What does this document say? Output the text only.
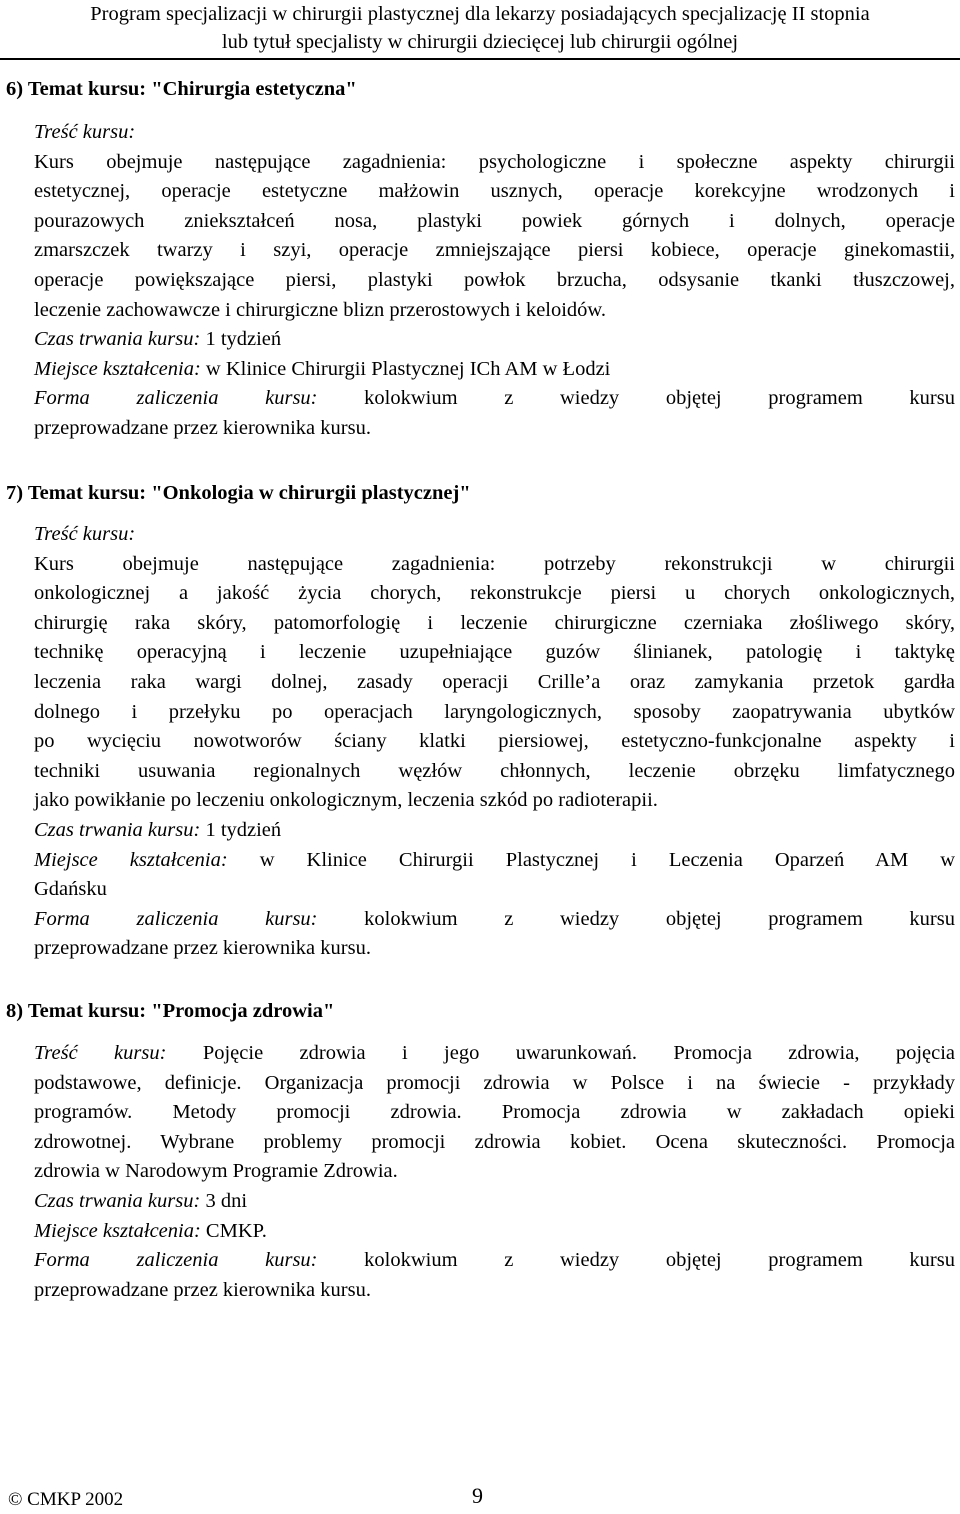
Program specjalizacji w chirurgii plastycznej dla lekarzy posiadających specjalizację II stopnia
lub tytuł specjalisty w chirurgii dziecięcej lub chirurgii ogólnej
6) Temat kursu: "Chirurgia estetyczna"
Treść kursu:
Kurs obejmuje następujące zagadnienia: psychologiczne i społeczne aspekty chirurgii
estetycznej, operacje estetyczne małżowin usznych, operacje korekcyjne wrodzonych i
pourazowych zniekształceń nosa, plastyki powiek górnych i dolnych, operacje
zmarszczek twarzy i szyi, operacje zmniejszające piersi kobiece, operacje ginekomastii,
operacje powiększające piersi, plastyki powłok brzucha, odsysanie tkanki tłuszczowej,
leczenie zachowawcze i chirurgiczne blizn przerostowych i keloidów.
Czas trwania kursu: 1 tydzień
Miejsce kształcenia: w Klinice Chirurgii Plastycznej ICh AM w Łodzi
Forma zaliczenia kursu: kolokwium z wiedzy objętej programem kursu
przeprowadzane przez kierownika kursu.
7) Temat kursu: "Onkologia w chirurgii plastycznej"
Treść kursu:
Kurs obejmuje następujące zagadnienia: potrzeby rekonstrukcji w chirurgii
onkologicznej a jakość życia chorych, rekonstrukcje piersi u chorych onkologicznych,
chirurgię raka skóry, patomorfologię i leczenie chirurgiczne czerniaka złośliwego skóry,
technikę operacyjną i leczenie uzupełniające guzów ślinianek, patologię i taktykę
leczenia raka wargi dolnej, zasady operacji Crille’a oraz zamykania przetok gardła
dolnego i przełyku po operacjach laryngologicznych, sposoby zaopatrywania ubytków
po wycięciu nowotworów ściany klatki piersiowej, estetyczno-funkcjonalne aspekty i
techniki usuwania regionalnych węzłów chłonnych, leczenie obrzęku limfatycznego
jako powikłanie po leczeniu onkologicznym, leczenia szkód po radioterapii.
Czas trwania kursu: 1 tydzień
Miejsce kształcenia: w Klinice Chirurgii Plastycznej i Leczenia Oparzeń AM w
Gdańsku
Forma zaliczenia kursu: kolokwium z wiedzy objętej programem kursu
przeprowadzane przez kierownika kursu.
8) Temat kursu: "Promocja zdrowia"
Treść kursu: Pojęcie zdrowia i jego uwarunkowań. Promocja zdrowia, pojęcia
podstawowe, definicje. Organizacja promocji zdrowia w Polsce i na świecie - przykłady
programów. Metody promocji zdrowia. Promocja zdrowia w zakładach opieki
zdrowotnej. Wybrane problemy promocji zdrowia kobiet. Ocena skuteczności. Promocja
zdrowia w Narodowym Programie Zdrowia.
Czas trwania kursu: 3 dni
Miejsce kształcenia: CMKP.
Forma zaliczenia kursu: kolokwium z wiedzy objętej programem kursu
przeprowadzane przez kierownika kursu.
© CMKP 2002	9
